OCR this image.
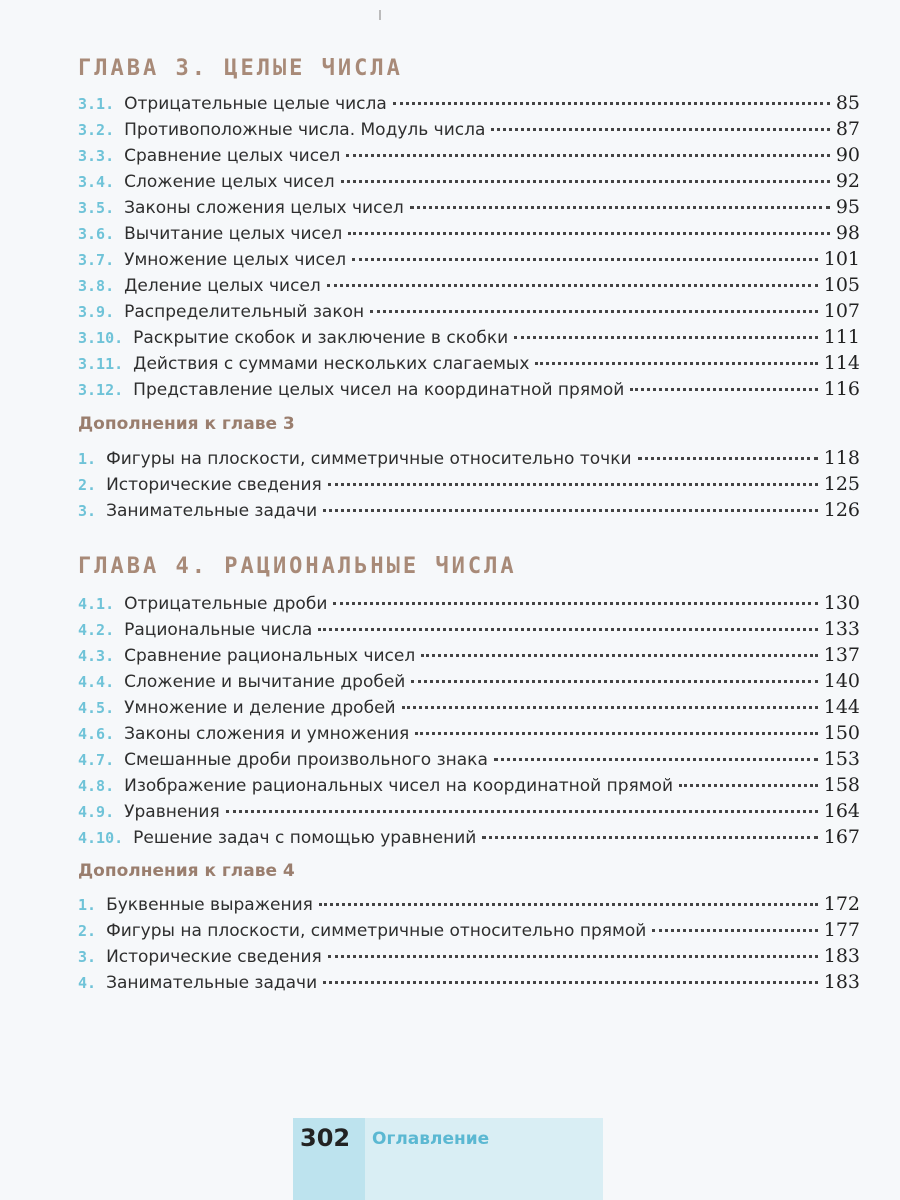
ГЛАВА 3. ЦЕЛЫЕ ЧИСЛА
3.1. Отрицательные целые числа	85
3.2. Противоположные числа. Модуль числа	87
3.3. Сравнение целых чисел	90
3.4. Сложение целых чисел	92
3.5. Законы сложения целых чисел	95
3.6. Вычитание целых чисел	98
3.7. Умножение целых чисел	101
3.8. Деление целых чисел	105
3.9. Распределительный закон	107
3.10. Раскрытие скобок и заключение в скобки	111
3.11. Действия с суммами нескольких слагаемых	114
3.12. Представление целых чисел на координатной прямой	116
Дополнения к главе 3
1. Фигуры на плоскости, симметричные относительно точки	118
2. Исторические сведения	125
3. Занимательные задачи	126
ГЛАВА 4. РАЦИОНАЛЬНЫЕ ЧИСЛА
4.1. Отрицательные дроби	130
4.2. Рациональные числа	133
4.3. Сравнение рациональных чисел	137
4.4. Сложение и вычитание дробей	140
4.5. Умножение и деление дробей	144
4.6. Законы сложения и умножения	150
4.7. Смешанные дроби произвольного знака	153
4.8. Изображение рациональных чисел на координатной прямой	158
4.9. Уравнения	164
4.10. Решение задач с помощью уравнений	167
Дополнения к главе 4
1. Буквенные выражения	172
2. Фигуры на плоскости, симметричные относительно прямой	177
3. Исторические сведения	183
4. Занимательные задачи	183
302 Оглавление
